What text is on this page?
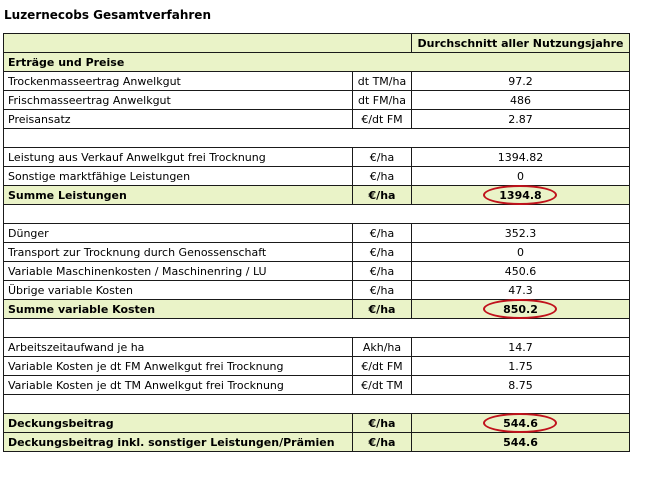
Luzernecobs Gesamtverfahren
		Durchschnitt aller Nutzungsjahre
Erträge und Preise		
Trockenmasseertrag Anwelkgut	dt TM/ha	97.2
Frischmasseertrag Anwelkgut	dt FM/ha	486
Preisansatz	€/dt FM	2.87

Leistung aus Verkauf Anwelkgut frei Trocknung	€/ha	1394.82
Sonstige marktfähige Leistungen	€/ha	0
Summe Leistungen	€/ha	1394.8

Dünger	€/ha	352.3
Transport zur Trocknung durch Genossenschaft	€/ha	0
Variable Maschinenkosten / Maschinenring / LU	€/ha	450.6
Übrige variable Kosten	€/ha	47.3
Summe variable Kosten	€/ha	850.2

Arbeitszeitaufwand je ha	Akh/ha	14.7
Variable Kosten je dt FM Anwelkgut frei Trocknung	€/dt FM	1.75
Variable Kosten je dt TM Anwelkgut frei Trocknung	€/dt TM	8.75

Deckungsbeitrag	€/ha	544.6

Deckungsbeitrag inkl. sonstiger Leistungen/Prämien	€/ha	544.6
